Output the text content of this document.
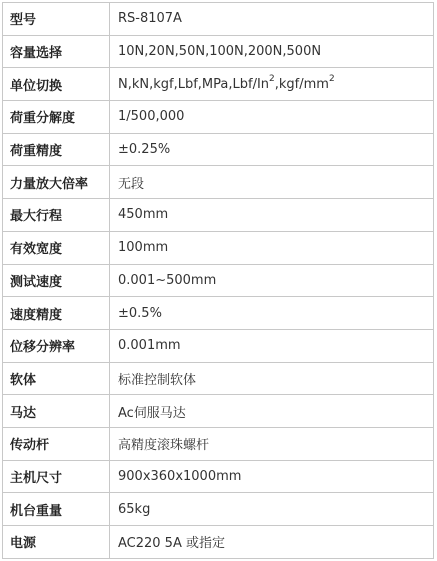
型号	RS-8107A
容量选择	10N,20N,50N,100N,200N,500N
单位切换	$N,kN,kgf,Lbf,MPa,Lbf/In^2,kgf/mm^2$
荷重分解度	1/500,000
荷重精度	±0.25%
力量放大倍率	无段
最大行程	450mm
有效宽度	100mm
测试速度	0.001~500mm
速度精度	±0.5%
位移分辨率	0.001mm
软体	标准控制软体
马达	Ac伺服马达
传动杆	高精度滚珠螺杆
主机尺寸	900x360x1000mm
机台重量	65kg
电源	AC220 5A 或指定
